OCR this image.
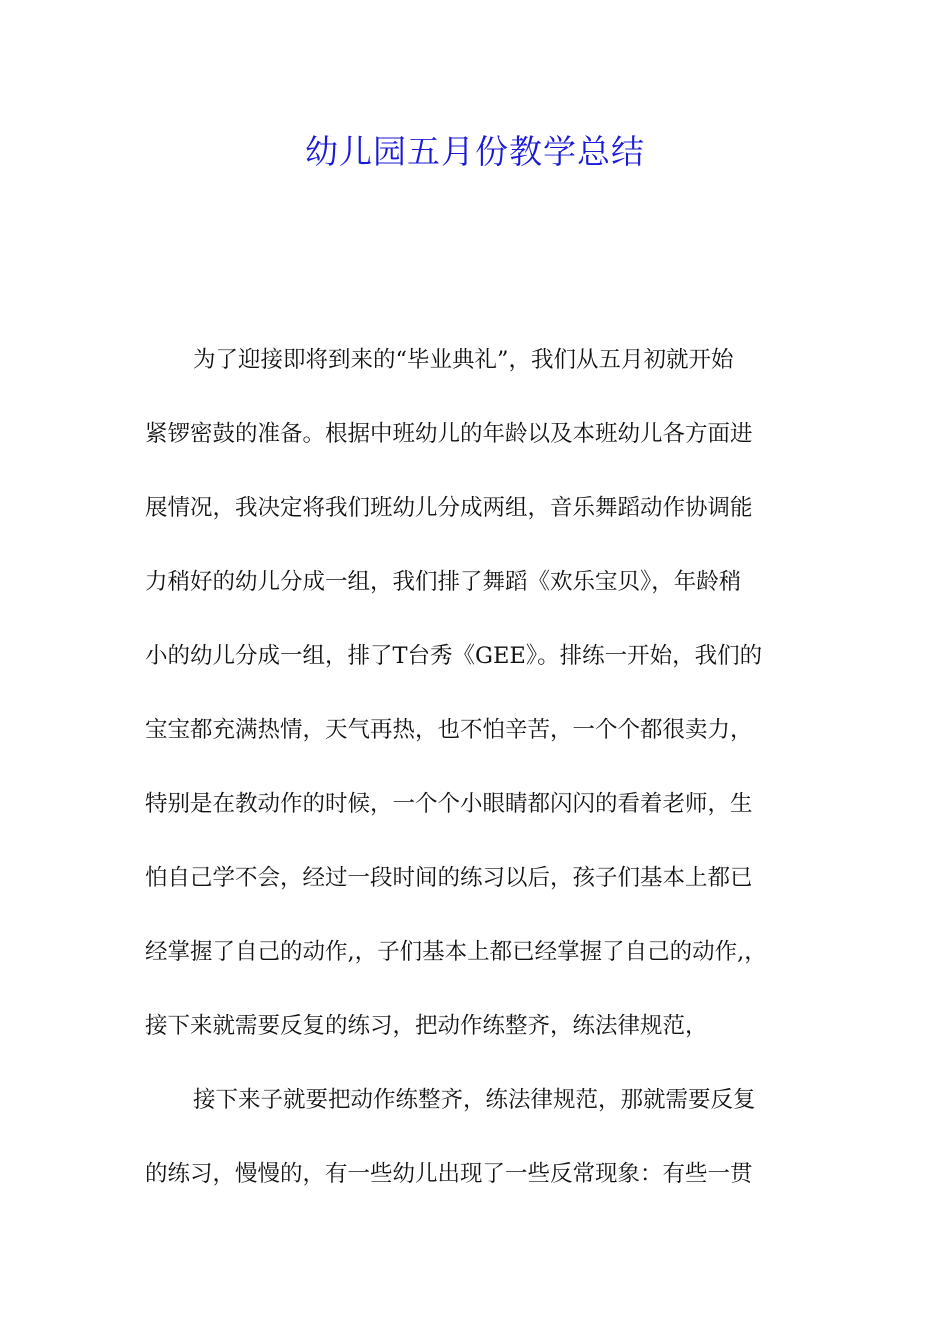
幼儿园五月份教学总结
为了迎接即将到来的“毕业典礼”，我们从五月初就开始
紧锣密鼓的准备。根据中班幼儿的年龄以及本班幼儿各方面进
展情况，我决定将我们班幼儿分成两组，音乐舞蹈动作协调能
力稍好的幼儿分成一组，我们排了舞蹈《欢乐宝贝》，年龄稍
小的幼儿分成一组，排了T台秀《GEE》。排练一开始，我们的
宝宝都充满热情，天气再热，也不怕辛苦，一个个都很卖力，
特别是在教动作的时候，一个个小眼睛都闪闪的看着老师，生
怕自己学不会，经过一段时间的练习以后，孩子们基本上都已
经掌握了自己的动作,，子们基本上都已经掌握了自己的动作,，
接下来就需要反复的练习，把动作练整齐，练法律规范，
接下来子就要把动作练整齐，练法律规范，那就需要反复
的练习，慢慢的，有一些幼儿出现了一些反常现象：有些一贯
